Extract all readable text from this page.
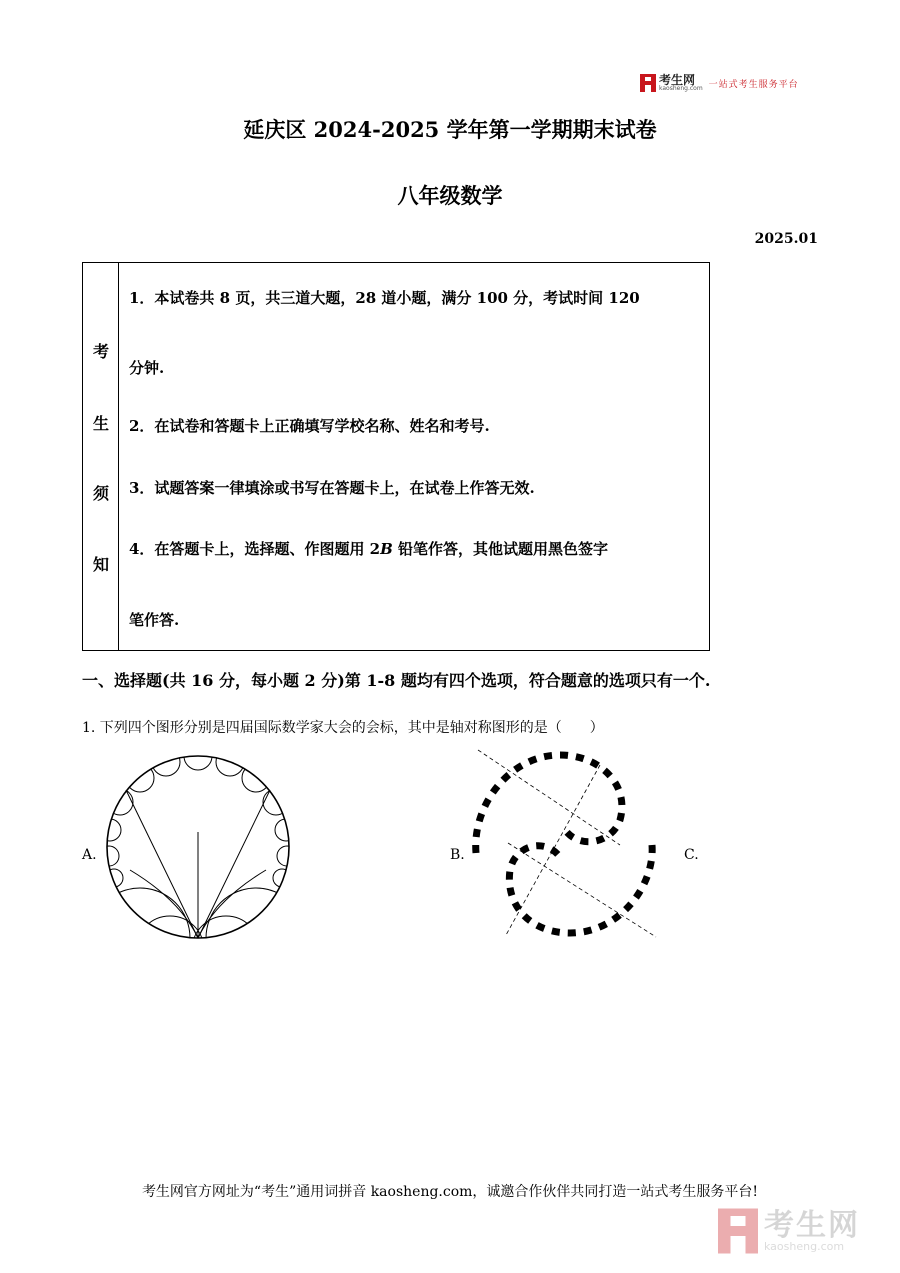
考生网
kaosheng.com 一站式考生服务平台
延庆区 2024-2025 学年第一学期期末试卷
八年级数学
2025.01
考
生
须
知
1．本试卷共 8 页，共三道大题，28 道小题，满分 100 分，考试时间 120
分钟.
2．在试卷和答题卡上正确填写学校名称、姓名和考号.
3．试题答案一律填涂或书写在答题卡上，在试卷上作答无效.
4．在答题卡上，选择题、作图题用 2B 铅笔作答，其他试题用黑色签字
笔作答.
一、选择题(共 16 分，每小题 2 分)第 1-8 题均有四个选项，符合题意的选项只有一个.
1. 下列四个图形分别是四届国际数学家大会的会标，其中是轴对称图形的是（　　）
A.	B.	C.
考生网官方网址为“考生”通用词拼音 kaosheng.com，诚邀合作伙伴共同打造一站式考生服务平台!
考生网
kaosheng.com
